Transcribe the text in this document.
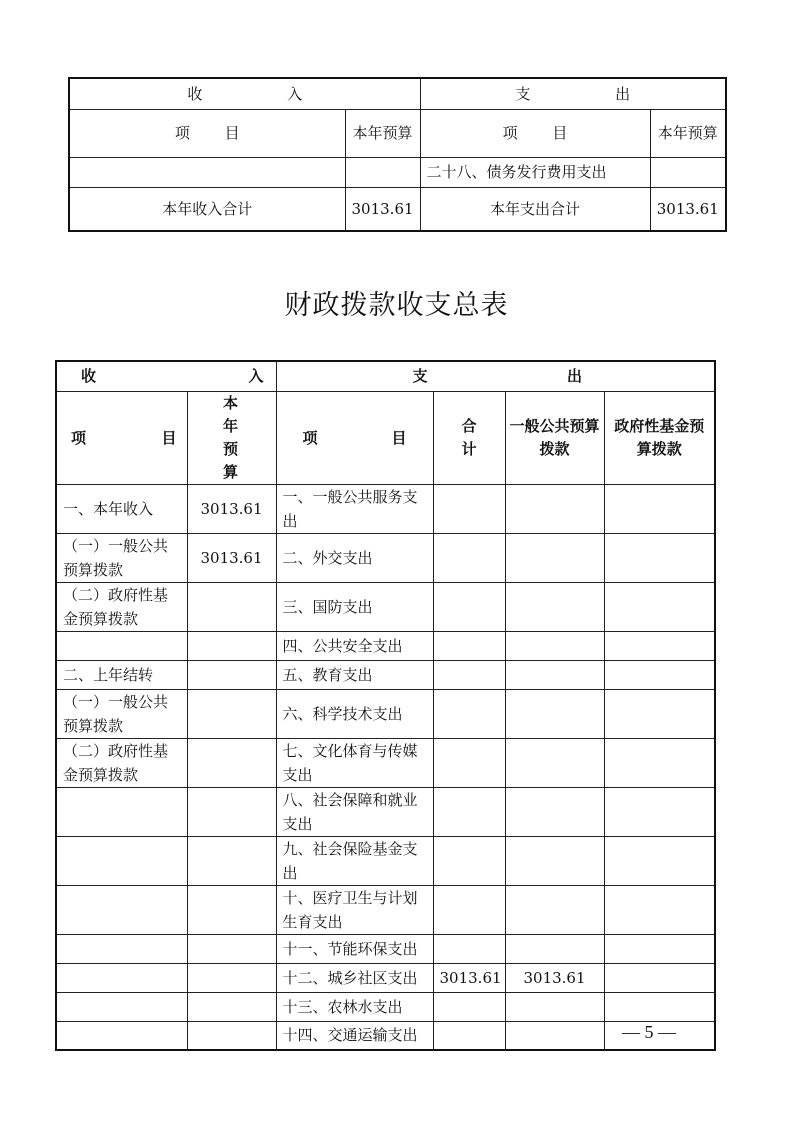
收 入		支 出	
项 目	本年预算	项 目	本年预算
		二十八、债务发行费用支出	
本年收入合计	3013.61	本年支出合计	3013.61
财政拨款收支总表
收 入		支 出			

项 目	本 年 预 算	项 目	合 计	一般公共预算拨款	政府性基金预算拨款

一、本年收入	3013.61	一、一般公共服务支出			
（一）一般公共预算拨款	3013.61	二、外交支出			
（二）政府性基金预算拨款		三、国防支出			
		四、公共安全支出			
二、上年结转		五、教育支出			
（一）一般公共预算拨款		六、科学技术支出			
（二）政府性基金预算拨款		七、文化体育与传媒支出			
		八、社会保障和就业支出			
		九、社会保险基金支出			
		十、医疗卫生与计划生育支出			
		十一、节能环保支出			
		十二、城乡社区支出	3013.61	3013.61	
		十三、农林水支出			
		十四、交通运输支出				— 5 —
